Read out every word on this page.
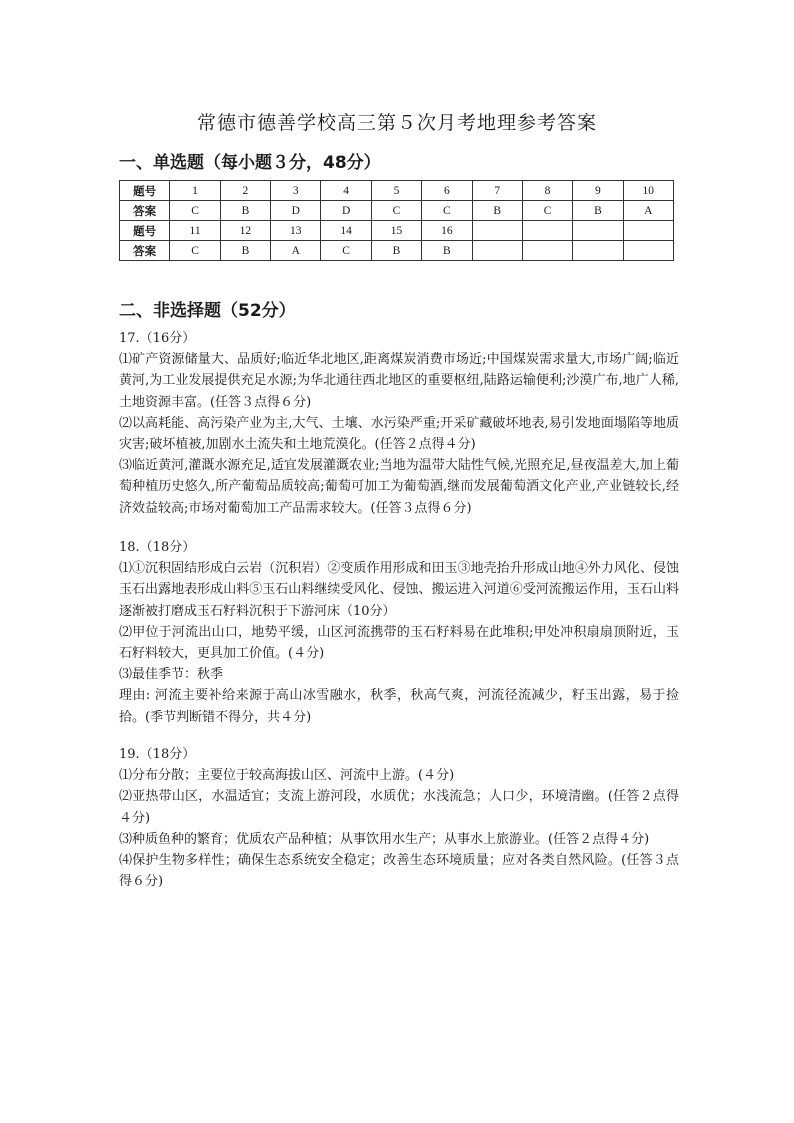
常德市德善学校高三第５次月考地理参考答案
一、单选题（每小题３分，48分）
题号	1	2	3	4	5	6	7	8	9	10
答案	C	B	D	D	C	C	B	C	B	A
题号	11	12	13	14	15	16				
答案	C	B	A	C	B	B				
二、非选择题（52分）

17.（16分）

⑴矿产资源储量大、品质好;临近华北地区,距离煤炭消费市场近;中国煤炭需求量大,市场广阔;临近黄河,为工业发展提供充足水源;为华北通往西北地区的重要枢纽,陆路运输便利;沙漠广布,地广人稀,土地资源丰富。(任答３点得６分)

⑵以高耗能、高污染产业为主,大气、土壤、水污染严重;开采矿藏破坏地表,易引发地面塌陷等地质灾害;破坏植被,加剧水土流失和土地荒漠化。(任答２点得４分)

⑶临近黄河,灌溉水源充足,适宜发展灌溉农业;当地为温带大陆性气候,光照充足,昼夜温差大,加上葡萄种植历史悠久,所产葡萄品质较高;葡萄可加工为葡萄酒,继而发展葡萄酒文化产业,产业链较长,经济效益较高;市场对葡萄加工产品需求较大。(任答３点得６分)

18.（18分）

⑴①沉积固结形成白云岩（沉积岩）②变质作用形成和田玉③地壳抬升形成山地④外力风化、侵蚀玉石出露地表形成山料⑤玉石山料继续受风化、侵蚀、搬运进入河道⑥受河流搬运作用，玉石山料逐渐被打磨成玉石籽料沉积于下游河床（10分）

⑵甲位于河流出山口，地势平缓，山区河流携带的玉石籽料易在此堆积;甲处冲积扇扇顶附近，玉石籽料较大，更具加工价值。(４分)

⑶最佳季节：秋季

理由: 河流主要补给来源于高山冰雪融水，秋季，秋高气爽，河流径流减少，籽玉出露，易于捡拾。(季节判断错不得分，共４分)

19.（18分）

⑴分布分散；主要位于较高海拔山区、河流中上游。(４分)

⑵亚热带山区，水温适宜；支流上游河段，水质优；水浅流急；人口少，环境清幽。(任答２点得４分)

⑶种质鱼种的繁育；优质农产品种植；从事饮用水生产；从事水上旅游业。(任答２点得４分)

⑷保护生物多样性；确保生态系统安全稳定；改善生态环境质量；应对各类自然风险。(任答３点得６分)
